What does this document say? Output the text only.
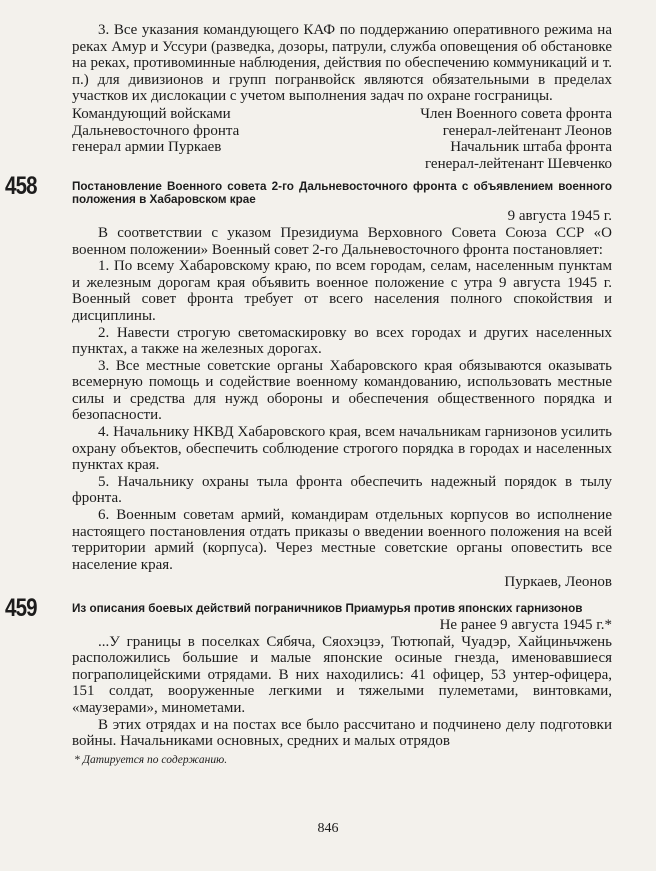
3. Все указания командующего КАФ по поддержанию оперативного режима на реках Амур и Уссури (разведка, дозоры, патрули, служба оповещения об обстановке на реках, противоминные наблюдения, действия по обеспечению коммуникаций и т. п.) для дивизионов и групп погранвойск являются обязательными в пределах участков их дислокации с учетом выполнения задач по охране госграницы.

Командующий войсками	Член Военного совета фронта
Дальневосточного фронта	генерал-лейтенант Леонов
генерал армии Пуркаев	Начальник штаба фронта
генерал-лейтенант Шевченко
458	Постановление Военного совета 2-го Дальневосточного фронта с объявлением военного положения в Хабаровском крае

9 августа 1945 г.

В соответствии с указом Президиума Верховного Совета Союза ССР «О военном положении» Военный совет 2-го Дальневосточного фронта постановляет:

1. По всему Хабаровскому краю, по всем городам, селам, населенным пунктам и железным дорогам края объявить военное положение с утра 9 августа 1945 г. Военный совет фронта требует от всего населения полного спокойствия и дисциплины.

2. Навести строгую светомаскировку во всех городах и других населенных пунктах, а также на железных дорогах.

3. Все местные советские органы Хабаровского края обязываются оказывать всемерную помощь и содействие военному командованию, использовать местные силы и средства для нужд обороны и обеспечения общественного порядка и безопасности.

4. Начальнику НКВД Хабаровского края, всем начальникам гарнизонов усилить охрану объектов, обеспечить соблюдение строгого порядка в городах и населенных пунктах края.

5. Начальнику охраны тыла фронта обеспечить надежный порядок в тылу фронта.

6. Военным советам армий, командирам отдельных корпусов во исполнение настоящего постановления отдать приказы о введении военного положения на всей территории армий (корпуса). Через местные советские органы оповестить все население края.

Пуркаев, Леонов
459	Из описания боевых действий пограничников Приамурья против японских гарнизонов

Не ранее 9 августа 1945 г.*

...У границы в поселках Сябяча, Сяохэцзэ, Тютюпай, Чуадэр, Хайциньчжень расположились большие и малые японские осиные гнезда, именовавшиеся пограполицейскими отрядами. В них находились: 41 офицер, 53 унтер-офицера, 151 солдат, вооруженные легкими и тяжелыми пулеметами, винтовками, «маузерами», минометами.

В этих отрядах и на постах все было рассчитано и подчинено делу подготовки войны. Начальниками основных, средних и малых отрядов

* Датируется по содержанию.
846
